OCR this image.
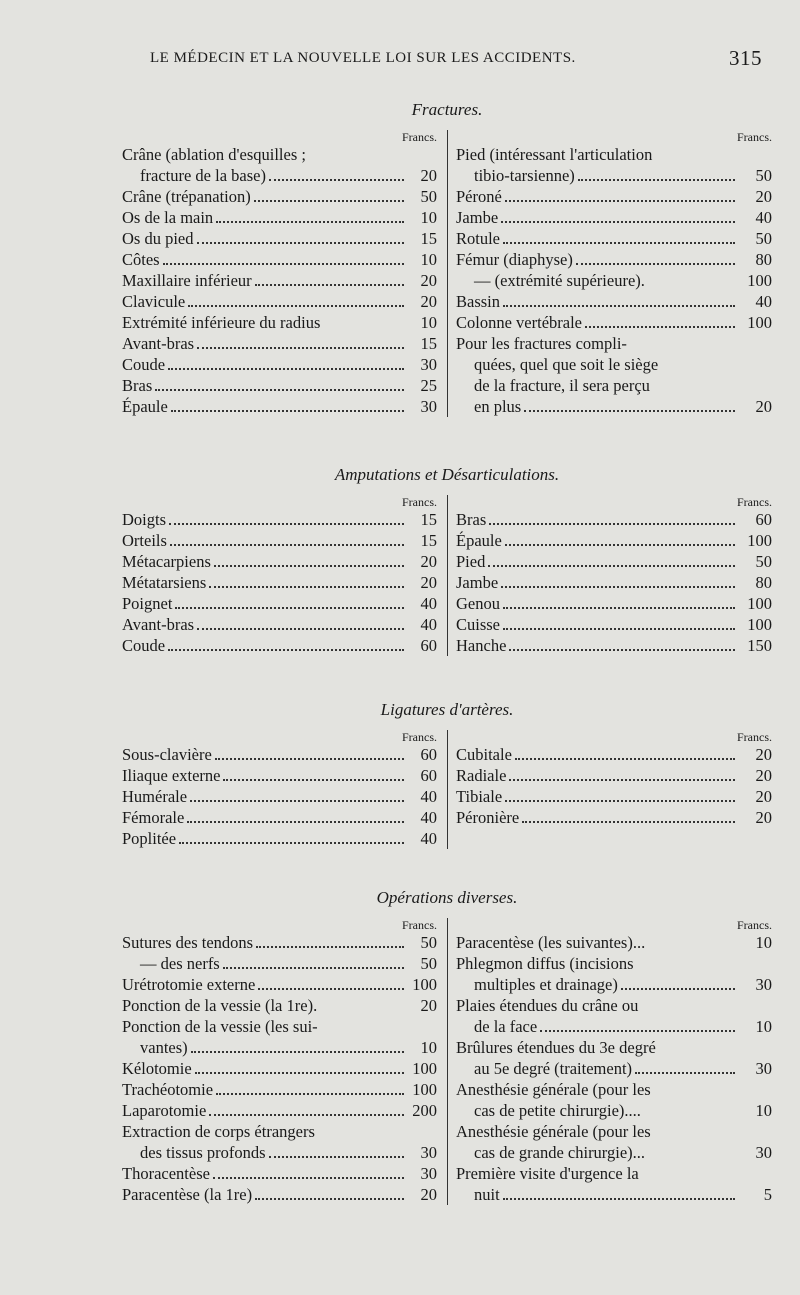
LE MÉDECIN ET LA NOUVELLE LOI SUR LES ACCIDENTS.	315
Fractures.
Francs.
Crâne (ablation d'esquilles ;
fracture de la base)	20
Crâne (trépanation)	50
Os de la main	10
Os du pied	15
Côtes	10
Maxillaire inférieur	20
Clavicule	20
Extrémité inférieure du radius	10
Avant-bras	15
Coude	30
Bras	25
Épaule	30
Francs.
Pied (intéressant l'articulation
tibio-tarsienne)	50
Péroné	20
Jambe	40
Rotule	50
Fémur (diaphyse)	80
— (extrémité supérieure).	100
Bassin	40
Colonne vertébrale	100
Pour les fractures compli-
quées, quel que soit le siège
de la fracture, il sera perçu
en plus	20
Amputations et Désarticulations.
Francs.
Doigts	15
Orteils	15
Métacarpiens	20
Métatarsiens	20
Poignet	40
Avant-bras	40
Coude	60
Francs.
Bras	60
Épaule	100
Pied	50
Jambe	80
Genou	100
Cuisse	100
Hanche	150
Ligatures d'artères.
Francs.
Sous-clavière	60
Iliaque externe	60
Humérale	40
Fémorale	40
Poplitée	40
Francs.
Cubitale	20
Radiale	20
Tibiale	20
Péronière	20
Opérations diverses.
Francs.
Sutures des tendons	50
— des nerfs	50
Urétrotomie externe	100
Ponction de la vessie (la 1re).	20
Ponction de la vessie (les sui-
vantes)	10
Kélotomie	100
Trachéotomie	100
Laparotomie	200
Extraction de corps étrangers
des tissus profonds	30
Thoracentèse	30
Paracentèse (la 1re)	20
Francs.
Paracentèse (les suivantes)...	10
Phlegmon diffus (incisions
multiples et drainage)	30
Plaies étendues du crâne ou
de la face	10
Brûlures étendues du 3e degré
au 5e degré (traitement)	30
Anesthésie générale (pour les
cas de petite chirurgie)....	10
Anesthésie générale (pour les
cas de grande chirurgie)...	30
Première visite d'urgence la
nuit	5
